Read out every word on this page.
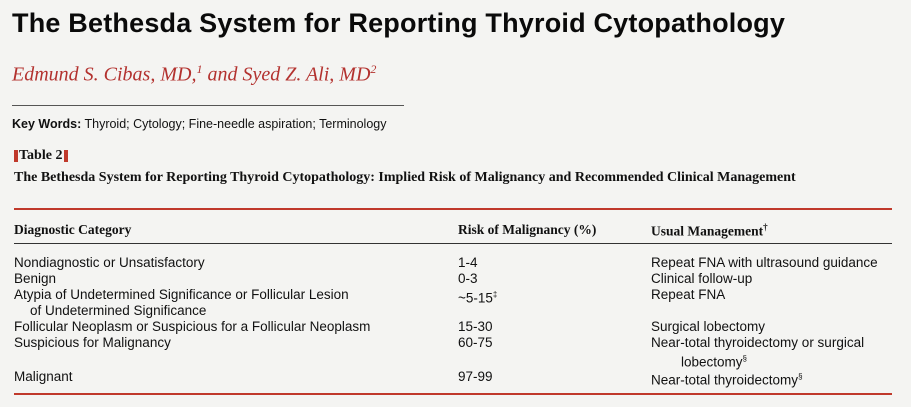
The Bethesda System for Reporting Thyroid Cytopathology
Edmund S. Cibas, MD,$^1$ and Syed Z. Ali, $MD^2$
Key Words: Thyroid; Cytology; Fine-needle aspiration; Terminology
Table 2
The Bethesda System for Reporting Thyroid Cytopathology: Implied Risk of Malignancy and Recommended Clinical Management
Diagnostic Category	Risk of Malignancy (%)	Usual Management†
Nondiagnostic or Unsatisfactory	1-4	Repeat FNA with ultrasound guidance
Benign	0-3	Clinical follow-up
Atypia of Undetermined Significance or Follicular Lesion
of Undetermined Significance
~5-15‡	Repeat FNA
Follicular Neoplasm or Suspicious for a Follicular Neoplasm	15-30	Surgical lobectomy
Suspicious for Malignancy	60-75	Near-total thyroidectomy or surgical
lobectomy§
Malignant	97-99	Near-total thyroidectomy§
